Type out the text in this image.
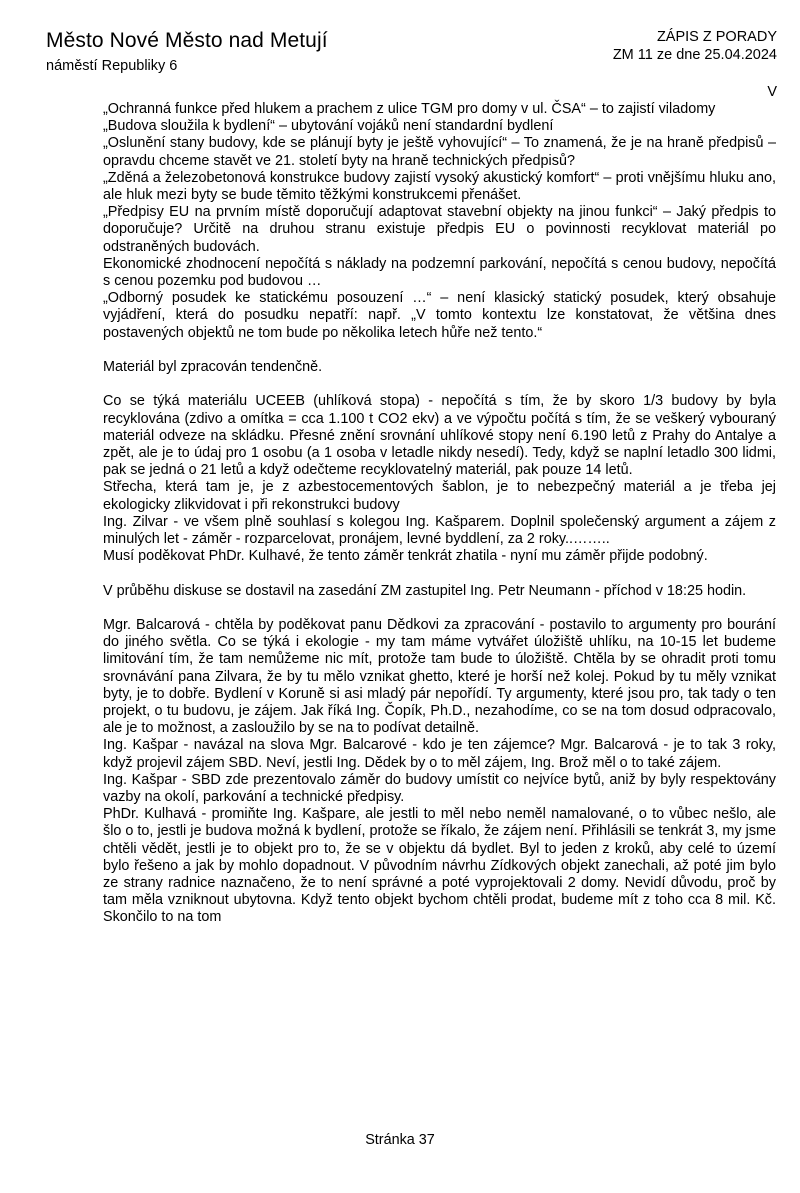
Město Nové Město nad Metují
náměstí Republiky 6
ZÁPIS Z PORADY
ZM 11 ze dne 25.04.2024
V

„Ochranná funkce před hlukem a prachem z ulice TGM pro domy v ul. ČSA“ – to zajistí viladomy

„Budova sloužila k bydlení“ – ubytování vojáků není standardní bydlení

„Oslunění stany budovy, kde se plánují byty je ještě vyhovující“ – To znamená, že je na hraně předpisů – opravdu chceme stavět ve 21. století byty na hraně technických předpisů?

„Zděná a železobetonová konstrukce budovy zajistí vysoký akustický komfort“ – proti vnějšímu hluku ano, ale hluk mezi byty se bude těmito těžkými konstrukcemi přenášet.

„Předpisy EU na prvním místě doporučují adaptovat stavební objekty na jinou funkci“ – Jaký předpis to doporučuje? Určitě na druhou stranu existuje předpis EU o povinnosti recyklovat materiál po odstraněných budovách.

Ekonomické zhodnocení nepočítá s náklady na podzemní parkování, nepočítá s cenou budovy, nepočítá s cenou pozemku pod budovou …

„Odborný posudek ke statickému posouzení …“ – není klasický statický posudek, který obsahuje vyjádření, která do posudku nepatří: např. „V tomto kontextu lze konstatovat, že většina dnes postavených objektů ne tom bude po několika letech hůře než tento.“

Materiál byl zpracován tendenčně.

Co se týká materiálu UCEEB (uhlíková stopa) - nepočítá s tím, že by skoro 1/3 budovy by byla recyklována (zdivo a omítka = cca 1.100 t CO2 ekv) a ve výpočtu počítá s tím, že se veškerý vybouraný materiál odveze na skládku. Přesné znění srovnání uhlíkové stopy není 6.190 letů z Prahy do Antalye a zpět, ale je to údaj pro 1 osobu (a 1 osoba v letadle nikdy nesedí). Tedy, když se naplní letadlo 300 lidmi, pak se jedná o 21 letů a když odečteme recyklovatelný materiál, pak pouze 14 letů.

Střecha, která tam je, je z azbestocementových šablon, je to nebezpečný materiál a je třeba jej ekologicky zlikvidovat i při rekonstrukci budovy

Ing. Zilvar - ve všem plně souhlasí s kolegou Ing. Kašparem. Doplnil společenský argument a zájem z minulých let - záměr - rozparcelovat, pronájem, levné byddlení, za 2 roky..……..

Musí poděkovat PhDr. Kulhavé, že tento záměr tenkrát zhatila - nyní mu záměr přijde podobný.

V průběhu diskuse se dostavil na zasedání ZM zastupitel Ing. Petr Neumann - příchod v 18:25 hodin.

Mgr. Balcarová - chtěla by poděkovat panu Dědkovi za zpracování - postavilo to argumenty pro bourání do jiného světla. Co se týká i ekologie - my tam máme vytvářet úložiště uhlíku, na 10-15 let budeme limitování tím, že tam nemůžeme nic mít, protože tam bude to úložiště. Chtěla by se ohradit proti tomu srovnávání pana Zilvara, že by tu mělo vznikat ghetto, které je horší než kolej. Pokud by tu měly vznikat byty, je to dobře. Bydlení v Koruně si asi mladý pár nepořídí. Ty argumenty, které jsou pro, tak tady o ten projekt, o tu budovu, je zájem. Jak říká Ing. Čopík, Ph.D., nezahodíme, co se na tom dosud odpracovalo, ale je to možnost, a zasloužilo by se na to podívat detailně.

Ing. Kašpar - navázal na slova Mgr. Balcarové - kdo je ten zájemce? Mgr. Balcarová - je to tak 3 roky, když projevil zájem SBD. Neví, jestli Ing. Dědek by o to měl zájem, Ing. Brož měl o to také zájem.

Ing. Kašpar - SBD zde prezentovalo záměr do budovy umístit co nejvíce bytů, aniž by byly respektovány vazby na okolí, parkování a technické předpisy.

PhDr. Kulhavá - promiňte Ing. Kašpare, ale jestli to měl nebo neměl namalované, o to vůbec nešlo, ale šlo o to, jestli je budova možná k bydlení, protože se říkalo, že zájem není. Přihlásili se tenkrát 3, my jsme chtěli vědět, jestli je to objekt pro to, že se v objektu dá bydlet. Byl to jeden z kroků, aby celé to území bylo řešeno a jak by mohlo dopadnout. V původním návrhu Zídkových objekt zanechali, až poté jim bylo ze strany radnice naznačeno, že to není správné a poté vyprojektovali 2 domy. Nevidí důvodu, proč by tam měla vzniknout ubytovna. Když tento objekt bychom chtěli prodat, budeme mít z toho cca 8 mil. Kč. Skončilo to na tom

Stránka 37
